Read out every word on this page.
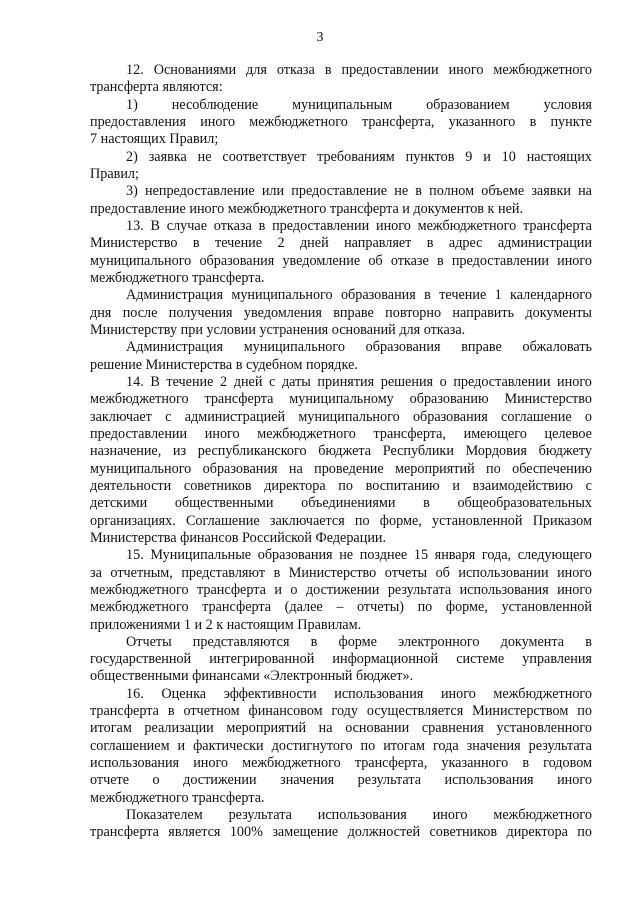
3
12. Основаниями для отказа в предоставлении иного межбюджетного
трансферта являются:
1) несоблюдение муниципальным образованием условия
предоставления иного межбюджетного трансферта, указанного в пункте
7 настоящих Правил;
2) заявка не соответствует требованиям пунктов 9 и 10 настоящих
Правил;
3) непредоставление или предоставление не в полном объеме заявки на
предоставление иного межбюджетного трансферта и документов к ней.
13. В случае отказа в предоставлении иного межбюджетного трансферта
Министерство в течение 2 дней направляет в адрес администрации
муниципального образования уведомление об отказе в предоставлении иного
межбюджетного трансферта.
Администрация муниципального образования в течение 1 календарного
дня после получения уведомления вправе повторно направить документы
Министерству при условии устранения оснований для отказа.
Администрация муниципального образования вправе обжаловать
решение Министерства в судебном порядке.
14. В течение 2 дней с даты принятия решения о предоставлении иного
межбюджетного трансферта муниципальному образованию Министерство
заключает с администрацией муниципального образования соглашение о
предоставлении иного межбюджетного трансферта, имеющего целевое
назначение, из республиканского бюджета Республики Мордовия бюджету
муниципального образования на проведение мероприятий по обеспечению
деятельности советников директора по воспитанию и взаимодействию с
детскими общественными объединениями в общеобразовательных
организациях. Соглашение заключается по форме, установленной Приказом
Министерства финансов Российской Федерации.
15. Муниципальные образования не позднее 15 января года, следующего
за отчетным, представляют в Министерство отчеты об использовании иного
межбюджетного трансферта и о достижении результата использования иного
межбюджетного трансферта (далее – отчеты) по форме, установленной
приложениями 1 и 2 к настоящим Правилам.
Отчеты представляются в форме электронного документа в
государственной интегрированной информационной системе управления
общественными финансами «Электронный бюджет».
16. Оценка эффективности использования иного межбюджетного
трансферта в отчетном финансовом году осуществляется Министерством по
итогам реализации мероприятий на основании сравнения установленного
соглашением и фактически достигнутого по итогам года значения результата
использования иного межбюджетного трансферта, указанного в годовом
отчете о достижении значения результата использования иного
межбюджетного трансферта.
Показателем результата использования иного межбюджетного
трансферта является 100% замещение должностей советников директора по
